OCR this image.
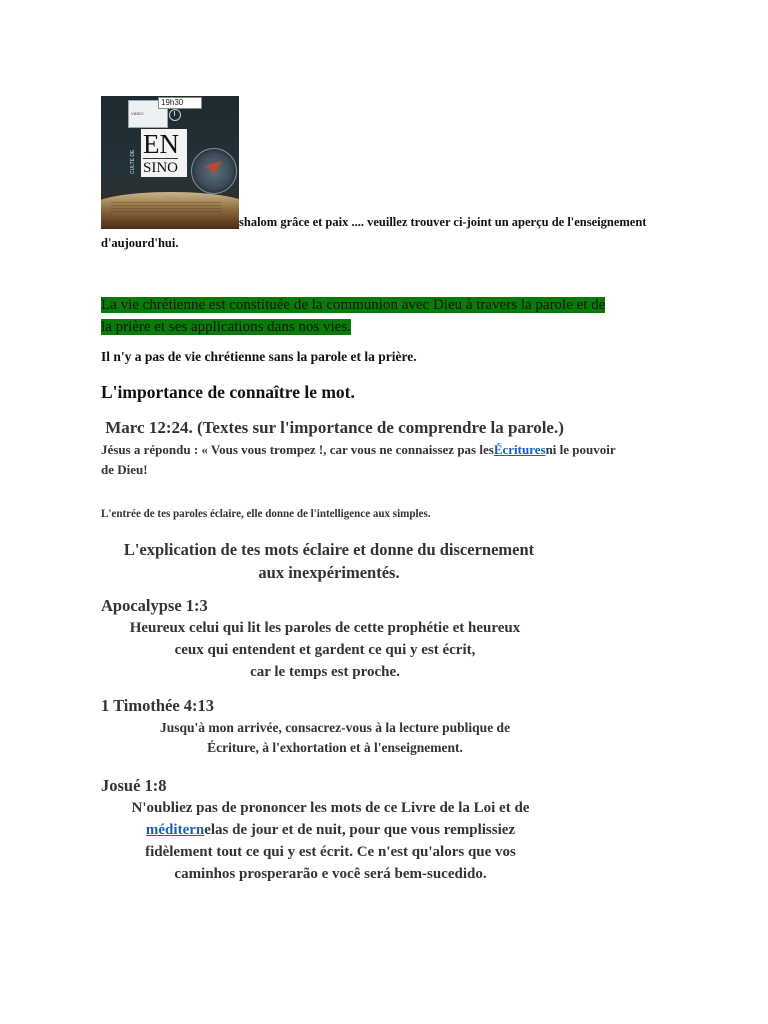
VIDEO
19h30
CULTE DE
EN
SINO
shalom grâce et paix .... veuillez trouver ci-joint un aperçu de l'enseignement
d'aujourd'hui.
La vie chrétienne est constituée de la communion avec Dieu à travers la parole et de
la prière et ses applications dans nos vies.
Il n'y a pas de vie chrétienne sans la parole et la prière.
L'importance de connaître le mot.
Marc 12:24. (Textes sur l'importance de comprendre la parole.)
Jésus a répondu : « Vous vous trompez !, car vous ne connaissez pas lesÉcrituresni le pouvoir
de Dieu!
L'entrée de tes paroles éclaire, elle donne de l'intelligence aux simples.
L'explication de tes mots éclaire et donne du discernement
aux inexpérimentés.
Apocalypse 1:3
Heureux celui qui lit les paroles de cette prophétie et heureux
ceux qui entendent et gardent ce qui y est écrit,
car le temps est proche.
1 Timothée 4:13
Jusqu'à mon arrivée, consacrez-vous à la lecture publique de
Écriture, à l'exhortation et à l'enseignement.
Josué 1:8
N'oubliez pas de prononcer les mots de ce Livre de la Loi et de
méditernelas de jour et de nuit, pour que vous remplissiez
fidèlement tout ce qui y est écrit. Ce n'est qu'alors que vos
caminhos prosperarão e você será bem-sucedido.
